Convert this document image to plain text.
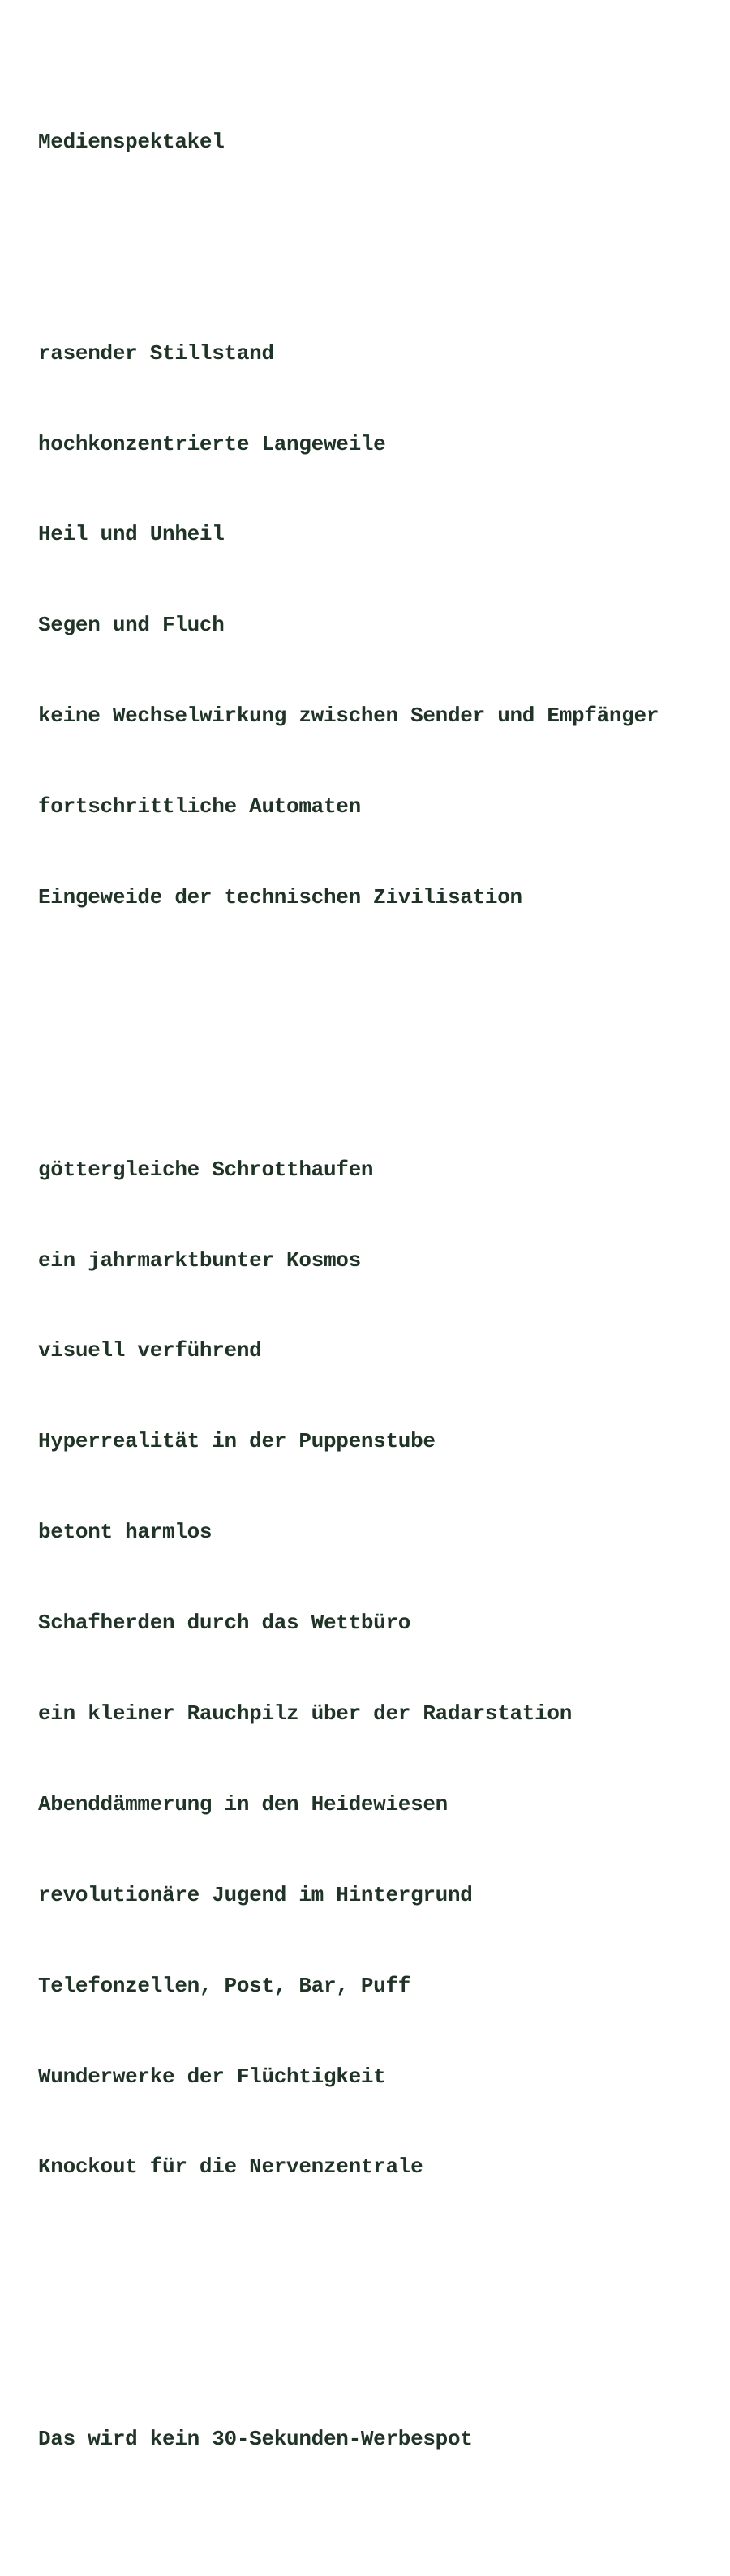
Medienspektakel

rasender Stillstand

hochkonzentrierte Langeweile

Heil und Unheil

Segen und Fluch

keine Wechselwirkung zwischen Sender und Empfänger

fortschrittliche Automaten

Eingeweide der technischen Zivilisation

göttergleiche Schrotthaufen

ein jahrmarktbunter Kosmos

visuell verführend

Hyperrealität in der Puppenstube

betont harmlos

Schafherden durch das Wettbüro

ein kleiner Rauchpilz über der Radarstation

Abenddämmerung in den Heidewiesen

revolutionäre Jugend im Hintergrund

Telefonzellen, Post, Bar, Puff

Wunderwerke der Flüchtigkeit

Knockout für die Nervenzentrale

Das wird kein 30-Sekunden-Werbespot
